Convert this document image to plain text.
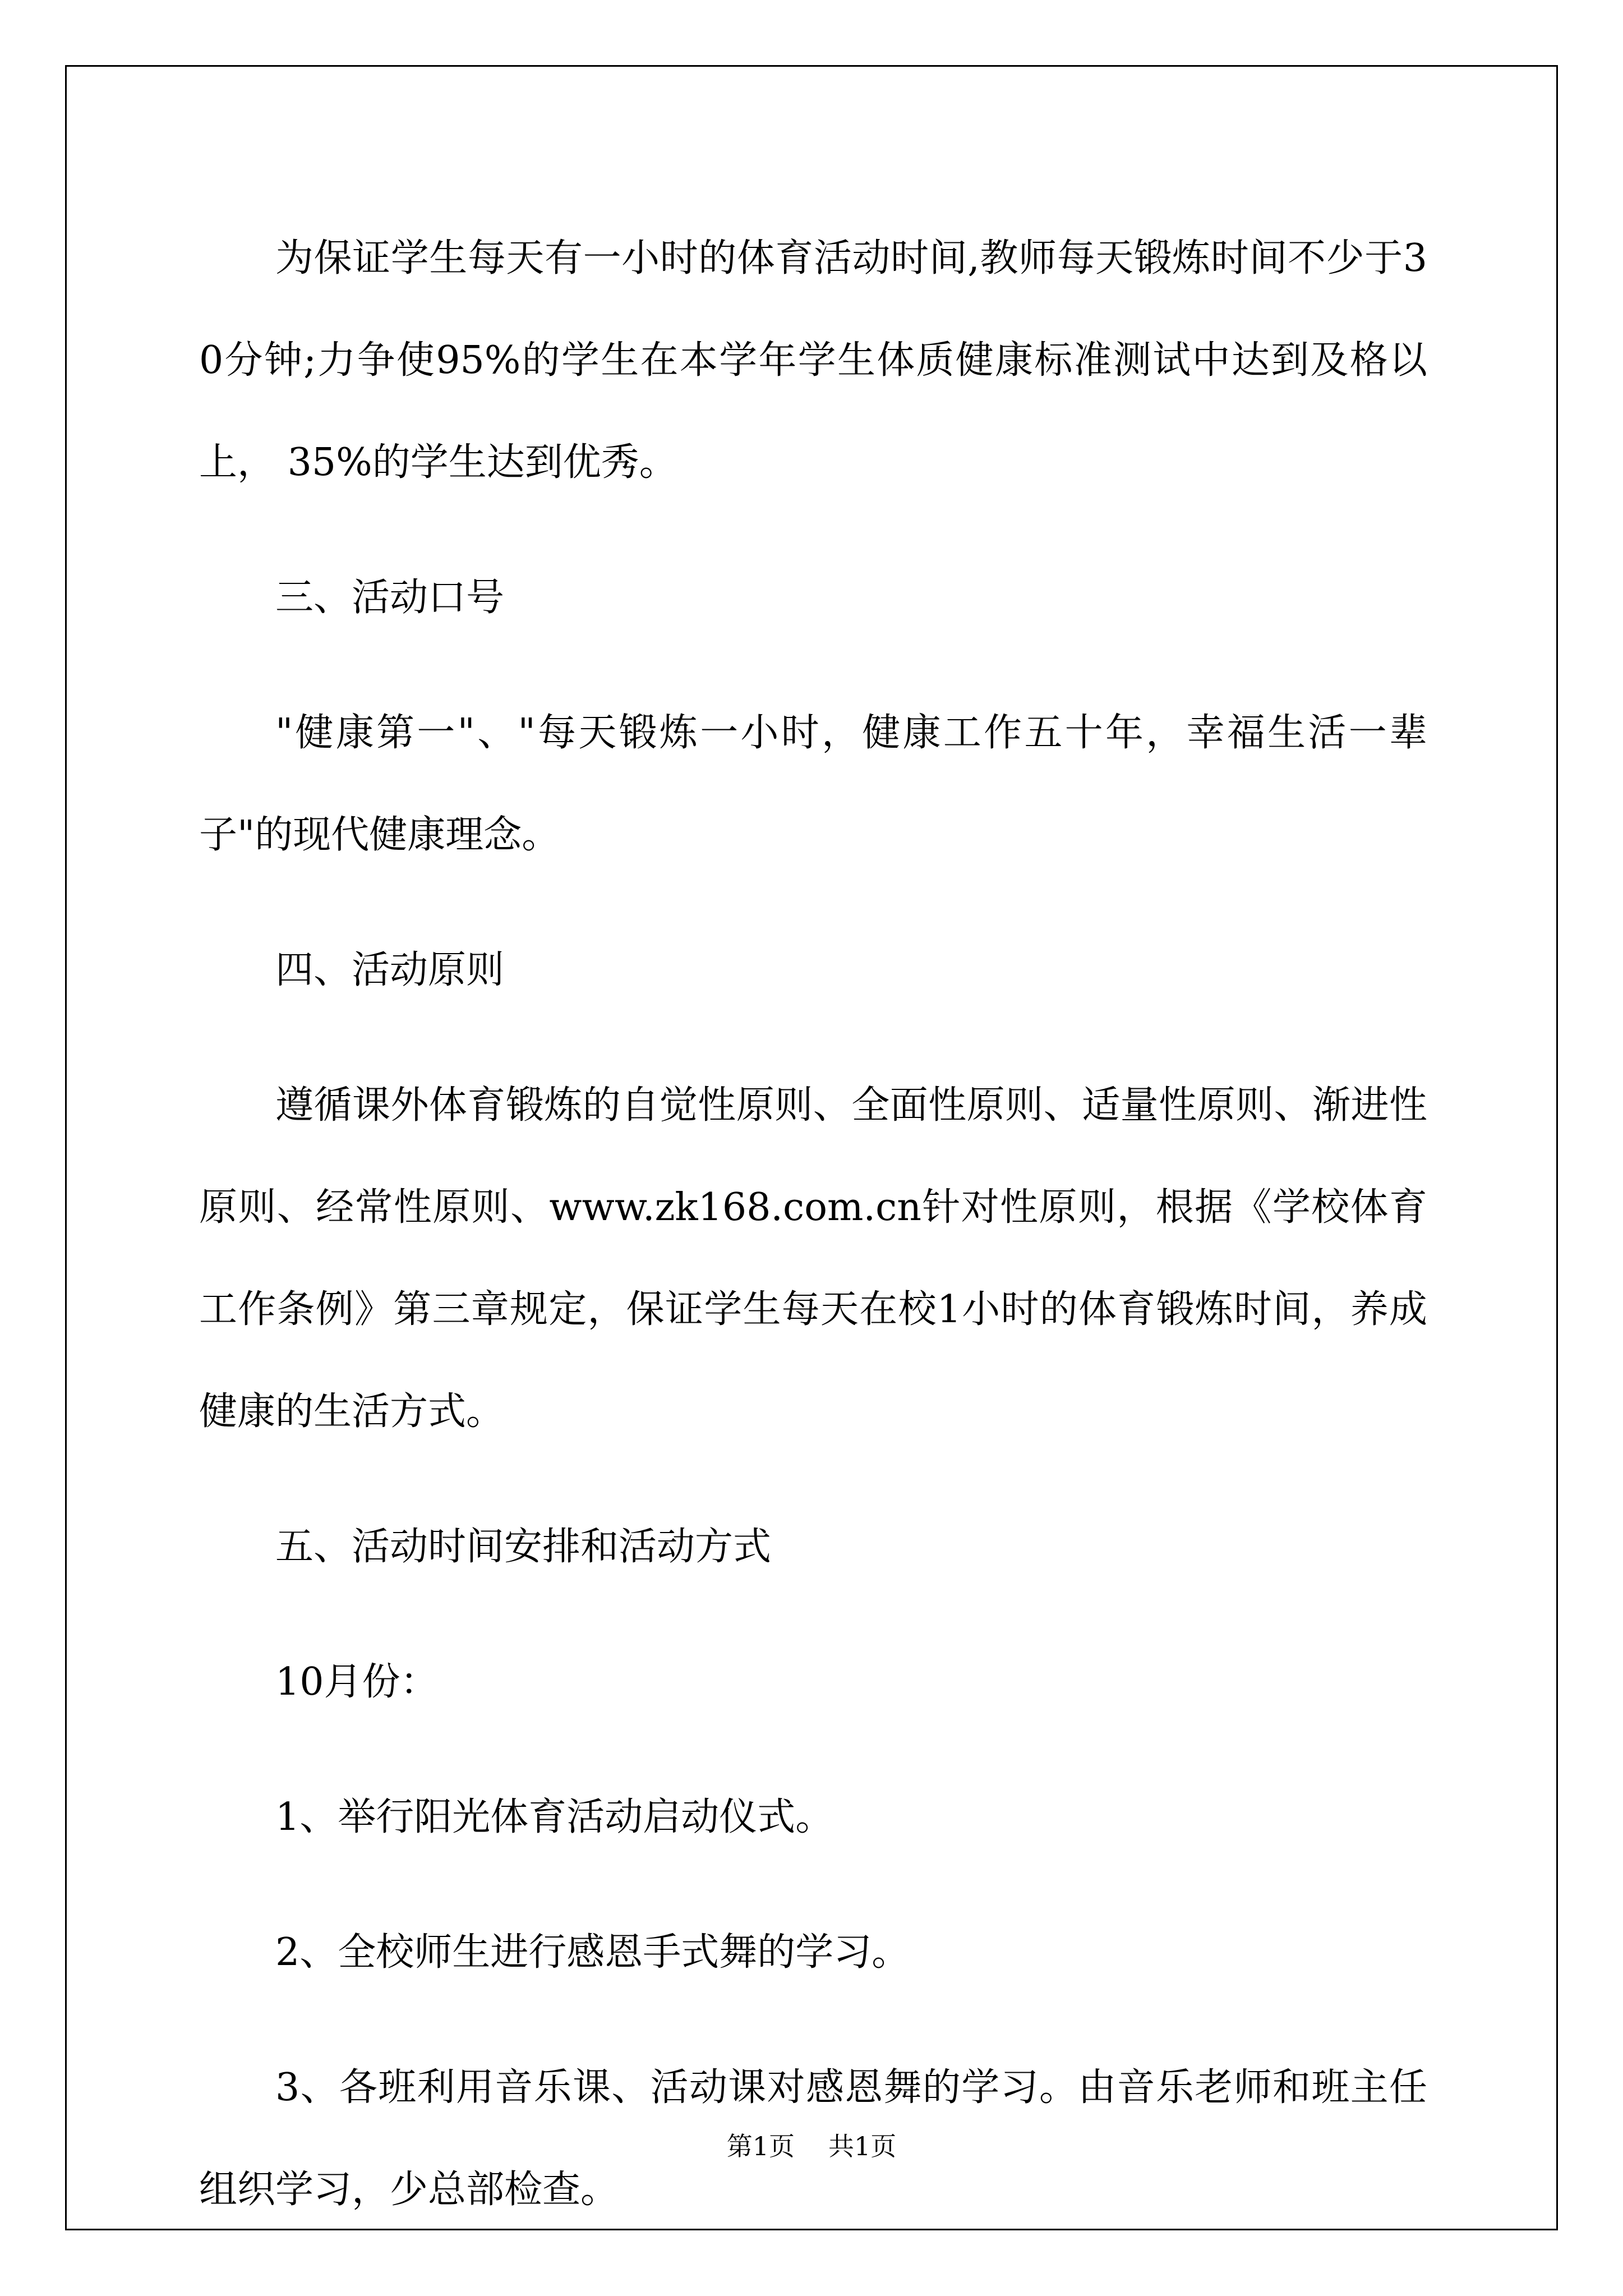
为保证学生每天有一小时的体育活动时间,教师每天锻炼时间不少于30分钟;力争使95%的学生在本学年学生体质健康标准测试中达到及格以上， 35%的学生达到优秀。

三、活动口号

"健康第一"、"每天锻炼一小时，健康工作五十年，幸福生活一辈子"的现代健康理念。

四、活动原则

遵循课外体育锻炼的自觉性原则、全面性原则、适量性原则、渐进性原则、经常性原则、www.zk168.com.cn针对性原则，根据《学校体育工作条例》第三章规定，保证学生每天在校1小时的体育锻炼时间，养成健康的生活方式。

五、活动时间安排和活动方式

10月份：

1、举行阳光体育活动启动仪式。

2、全校师生进行感恩手式舞的学习。

3、各班利用音乐课、活动课对感恩舞的学习。由音乐老师和班主任组织学习，少总部检查。

第1页 共1页
